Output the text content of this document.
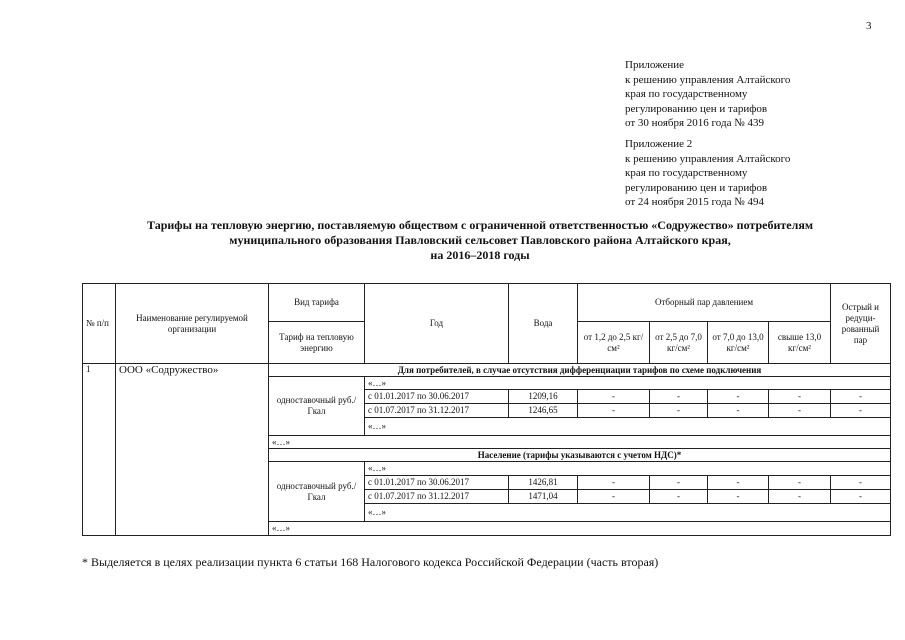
3
Приложение
к решению управления Алтайского
края по государственному
регулированию цен и тарифов
от 30 ноября 2016 года № 439
Приложение 2
к решению управления Алтайского
края по государственному
регулированию цен и тарифов
от 24 ноября 2015 года № 494
Тарифы на тепловую энергию, поставляемую обществом с ограниченной ответственностью «Содружество» потребителям
муниципального образования Павловский сельсовет Павловского района Алтайского края,
на 2016–2018 годы
№ п/п	Наименование регулируемой организации	Вид тарифа	Год	Вода	Отборный пар давлением				Острый и редуци-рованный пар
		Тариф на тепловую энергию			от 1,2 до 2,5 кг/см²	от 2,5 до 7,0 кг/см²	от 7,0 до 13,0 кг/см²	свыше 13,0 кг/см²	
1	ООО «Содружество»	Для потребителей, в случае отсутствия дифференциации тарифов по схеме подключения							
		одноставочный руб./Гкал	«…»						
			с 01.01.2017 по 30.06.2017	1209,16	-	-	-	-	-
			с 01.07.2017 по 31.12.2017	1246,65	-	-	-	-	-
			«…»						
		«…»							
		Население (тарифы указываются с учетом НДС)*							
		одноставочный руб./Гкал	«…»						
			с 01.01.2017 по 30.06.2017	1426,81	-	-	-	-	-
			с 01.07.2017 по 31.12.2017	1471,04	-	-	-	-	-
			«…»						
		«…»							
* Выделяется в целях реализации пункта 6 статьи 168 Налогового кодекса Российской Федерации (часть вторая)
